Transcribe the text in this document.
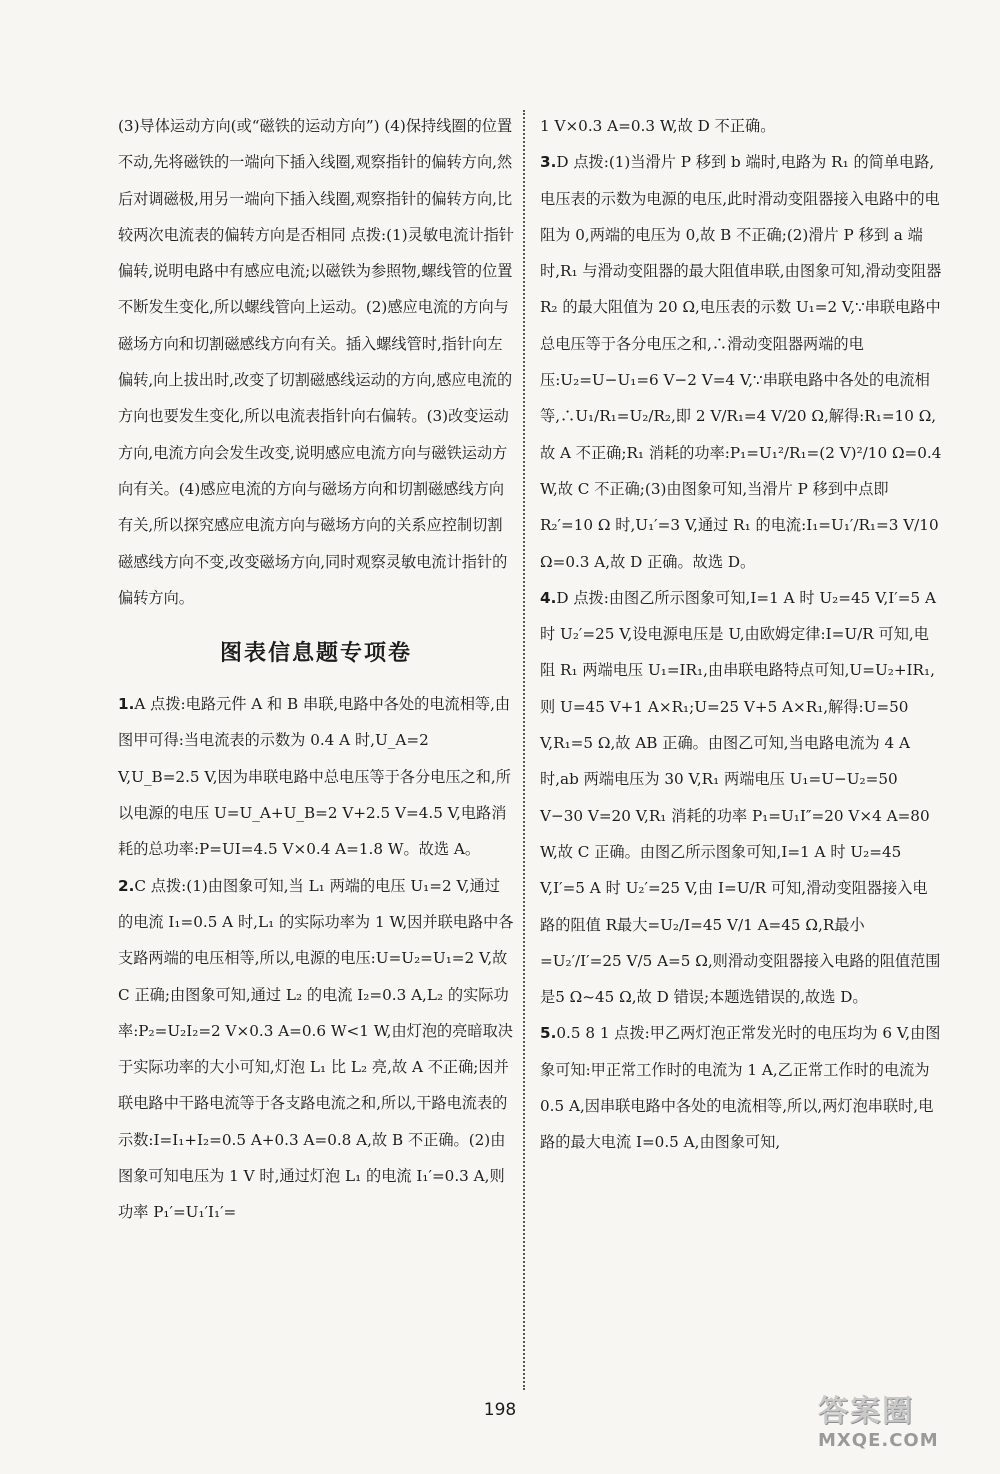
(3)导体运动方向(或“磁铁的运动方向”) (4)保持线圈的位置不动,先将磁铁的一端向下插入线圈,观察指针的偏转方向,然后对调磁极,用另一端向下插入线圈,观察指针的偏转方向,比较两次电流表的偏转方向是否相同 点拨:(1)灵敏电流计指针偏转,说明电路中有感应电流;以磁铁为参照物,螺线管的位置不断发生变化,所以螺线管向上运动。(2)感应电流的方向与磁场方向和切割磁感线方向有关。插入螺线管时,指针向左偏转,向上拔出时,改变了切割磁感线运动的方向,感应电流的方向也要发生变化,所以电流表指针向右偏转。(3)改变运动方向,电流方向会发生改变,说明感应电流方向与磁铁运动方向有关。(4)感应电流的方向与磁场方向和切割磁感线方向有关,所以探究感应电流方向与磁场方向的关系应控制切割磁感线方向不变,改变磁场方向,同时观察灵敏电流计指针的偏转方向。

图表信息题专项卷

1.A 点拨:电路元件 A 和 B 串联,电路中各处的电流相等,由图甲可得:当电流表的示数为 0.4 A 时,U_A=2 V,U_B=2.5 V,因为串联电路中总电压等于各分电压之和,所以电源的电压 U=U_A+U_B=2 V+2.5 V=4.5 V,电路消耗的总功率:P=UI=4.5 V×0.4 A=1.8 W。故选 A。

2.C 点拨:(1)由图象可知,当 L₁ 两端的电压 U₁=2 V,通过的电流 I₁=0.5 A 时,L₁ 的实际功率为 1 W,因并联电路中各支路两端的电压相等,所以,电源的电压:U=U₂=U₁=2 V,故 C 正确;由图象可知,通过 L₂ 的电流 I₂=0.3 A,L₂ 的实际功率:P₂=U₂I₂=2 V×0.3 A=0.6 W<1 W,由灯泡的亮暗取决于实际功率的大小可知,灯泡 L₁ 比 L₂ 亮,故 A 不正确;因并联电路中干路电流等于各支路电流之和,所以,干路电流表的示数:I=I₁+I₂=0.5 A+0.3 A=0.8 A,故 B 不正确。(2)由图象可知电压为 1 V 时,通过灯泡 L₁ 的电流 I₁′=0.3 A,则功率 P₁′=U₁′I₁′=

1 V×0.3 A=0.3 W,故 D 不正确。

3.D 点拨:(1)当滑片 P 移到 b 端时,电路为 R₁ 的简单电路,电压表的示数为电源的电压,此时滑动变阻器接入电路中的电阻为 0,两端的电压为 0,故 B 不正确;(2)滑片 P 移到 a 端时,R₁ 与滑动变阻器的最大阻值串联,由图象可知,滑动变阻器 R₂ 的最大阻值为 20 Ω,电压表的示数 U₁=2 V,∵串联电路中总电压等于各分电压之和,∴滑动变阻器两端的电压:U₂=U−U₁=6 V−2 V=4 V,∵串联电路中各处的电流相等,∴U₁/R₁=U₂/R₂,即 2 V/R₁=4 V/20 Ω,解得:R₁=10 Ω,故 A 不正确;R₁ 消耗的功率:P₁=U₁²/R₁=(2 V)²/10 Ω=0.4 W,故 C 不正确;(3)由图象可知,当滑片 P 移到中点即 R₂′=10 Ω 时,U₁′=3 V,通过 R₁ 的电流:I₁=U₁′/R₁=3 V/10 Ω=0.3 A,故 D 正确。故选 D。

4.D 点拨:由图乙所示图象可知,I=1 A 时 U₂=45 V,I′=5 A 时 U₂′=25 V,设电源电压是 U,由欧姆定律:I=U/R 可知,电阻 R₁ 两端电压 U₁=IR₁,由串联电路特点可知,U=U₂+IR₁,则 U=45 V+1 A×R₁;U=25 V+5 A×R₁,解得:U=50 V,R₁=5 Ω,故 AB 正确。由图乙可知,当电路电流为 4 A 时,ab 两端电压为 30 V,R₁ 两端电压 U₁=U−U₂=50 V−30 V=20 V,R₁ 消耗的功率 P₁=U₁I″=20 V×4 A=80 W,故 C 正确。由图乙所示图象可知,I=1 A 时 U₂=45 V,I′=5 A 时 U₂′=25 V,由 I=U/R 可知,滑动变阻器接入电路的阻值 R最大=U₂/I=45 V/1 A=45 Ω,R最小=U₂′/I′=25 V/5 A=5 Ω,则滑动变阻器接入电路的阻值范围是5 Ω~45 Ω,故 D 错误;本题选错误的,故选 D。

5.0.5 8 1 点拨:甲乙两灯泡正常发光时的电压均为 6 V,由图象可知:甲正常工作时的电流为 1 A,乙正常工作时的电流为 0.5 A,因串联电路中各处的电流相等,所以,两灯泡串联时,电路的最大电流 I=0.5 A,由图象可知,

198	答案圈
MXQE.COM
